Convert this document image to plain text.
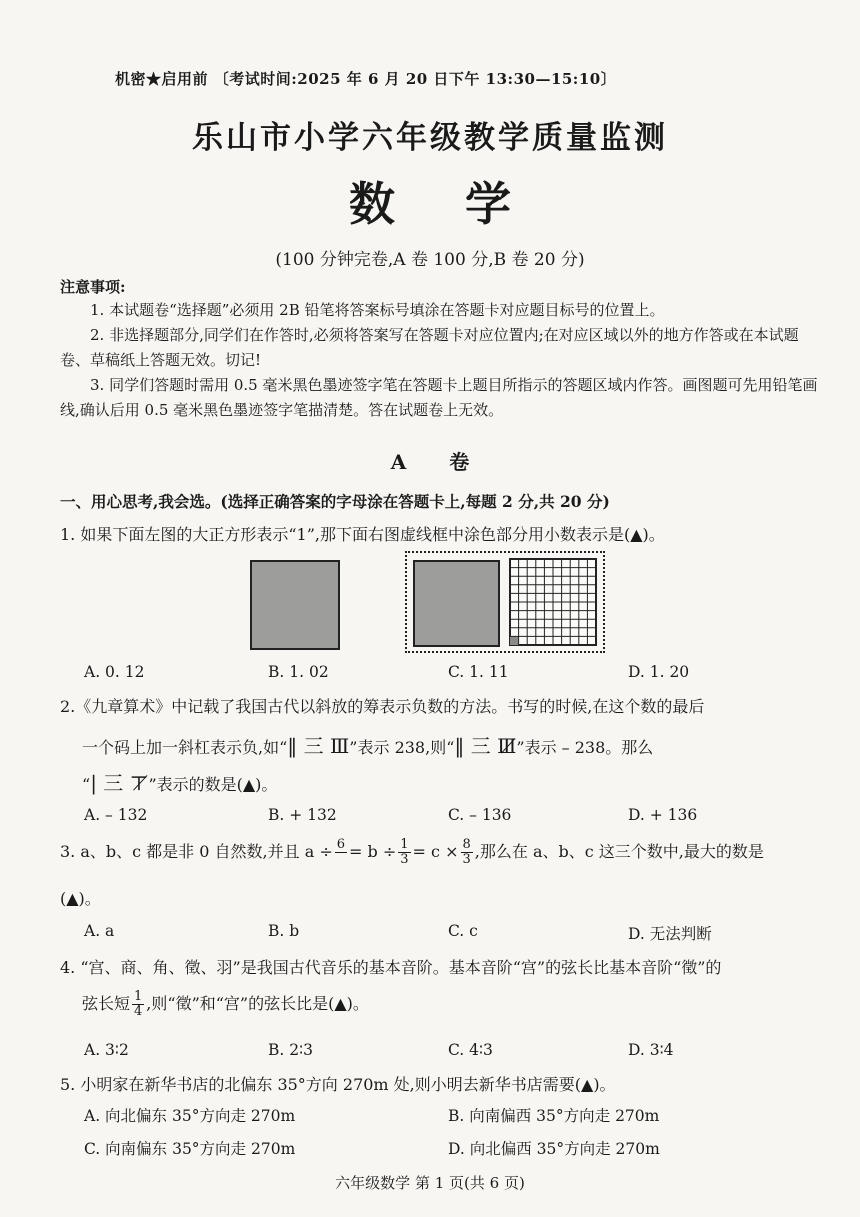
机密★启用前 〔考试时间:2025 年 6 月 20 日下午 13:30—15:10〕
乐山市小学六年级教学质量监测
数学
(100 分钟完卷,A 卷 100 分,B 卷 20 分)
注意事项:
1. 本试题卷“选择题”必须用 2B 铅笔将答案标号填涂在答题卡对应题目标号的位置上。
2. 非选择题部分,同学们在作答时,必须将答案写在答题卡对应位置内;在对应区域以外的地方作答或在本试题卷、草稿纸上答题无效。切记!
3. 同学们答题时需用 0.5 毫米黑色墨迹签字笔在答题卡上题目所指示的答题区域内作答。画图题可先用铅笔画线,确认后用 0.5 毫米黑色墨迹签字笔描清楚。答在试题卷上无效。
A 卷
一、用心思考,我会选。(选择正确答案的字母涂在答题卡上,每题 2 分,共 20 分)
1. 如果下面左图的大正方形表示“1”,那下面右图虚线框中涂色部分用小数表示是(▲)。
A. 0. 12	B. 1. 02	C. 1. 11	D. 1. 20
2.《九章算术》中记载了我国古代以斜放的筹表示负数的方法。书写的时候,在这个数的最后
一个码上加一斜杠表示负,如“‖ 三 Ⅲ”表示 238,则“‖ 三 Ⅲ̸”表示 – 238。那么
“| 三 ⊤̸”表示的数是(▲)。
A. – 132	B. + 132	C. – 136	D. + 136
3. a、b、c 都是非 0 自然数,并且 a ÷ 6
= $b \div \frac{1}{3} = c \times \frac{8}{3}$ ,那么在 a、b、c 这三个数中,最大的数是
(▲)。
A. a	B. b	C. c	D. 无法判断
4. “宫、商、角、徵、羽”是我国古代音乐的基本音阶。基本音阶“宫”的弦长比基本音阶“徵”的
弦长短 $\frac{1}{4}$ ,则“徵”和“宫”的弦长比是(▲)。
A. 3∶2	B. 2∶3	C. 4∶3	D. 3∶4
5. 小明家在新华书店的北偏东 35°方向 270m 处,则小明去新华书店需要(▲)。
A. 向北偏东 35°方向走 270m	B. 向南偏西 35°方向走 270m
C. 向南偏东 35°方向走 270m	D. 向北偏西 35°方向走 270m
六年级数学 第 1 页(共 6 页)
